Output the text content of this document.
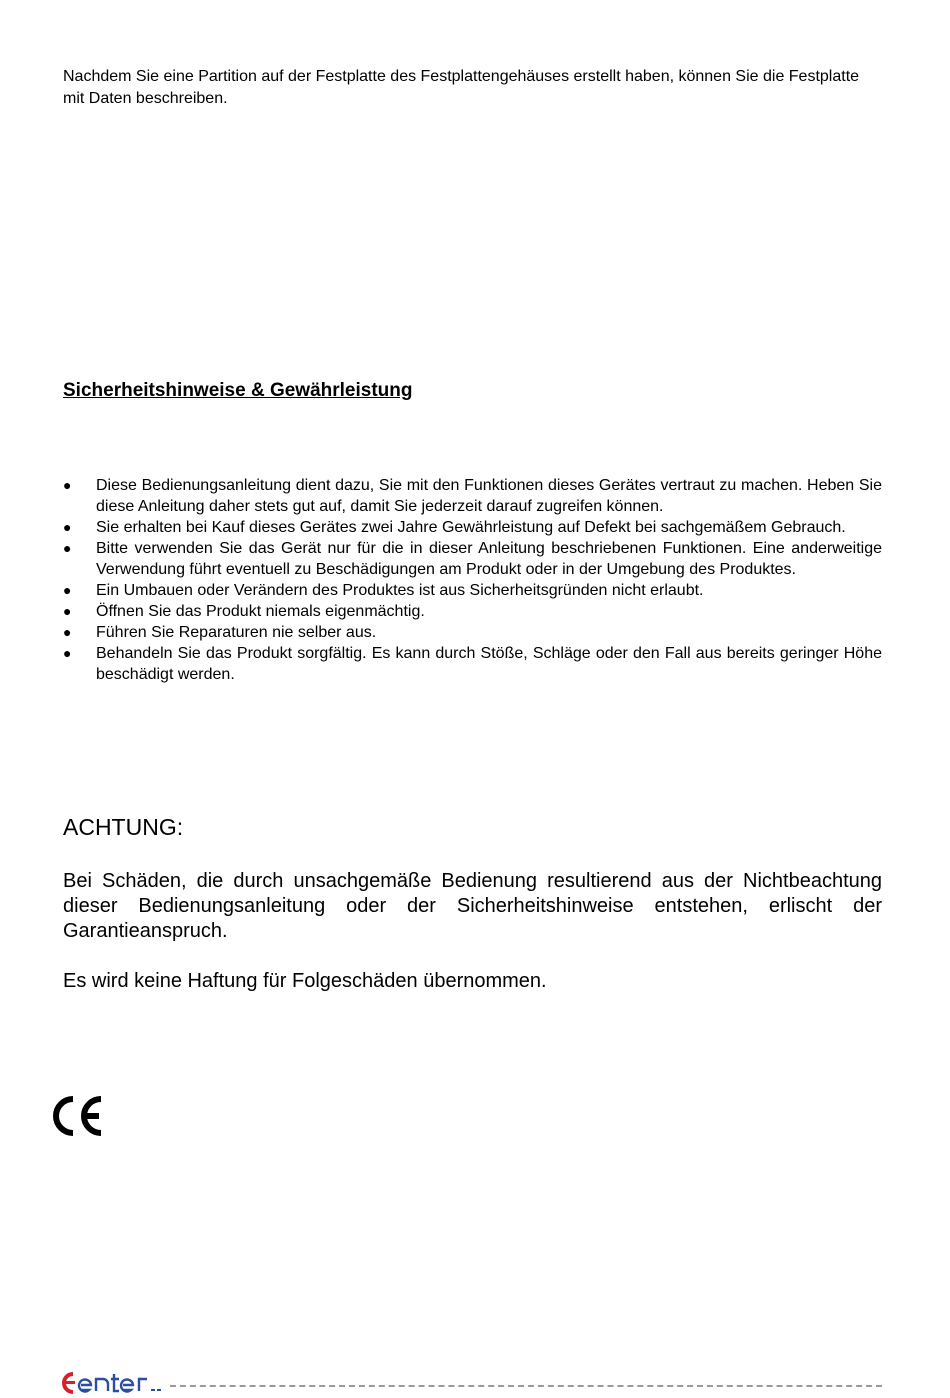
Nachdem Sie eine Partition auf der Festplatte des Festplattengehäuses erstellt haben, können Sie die Festplatte mit Daten beschreiben.

Sicherheitshinweise & Gewährleistung
● Diese Bedienungsanleitung dient dazu, Sie mit den Funktionen dieses Gerätes vertraut zu machen. Heben Sie diese Anleitung daher stets gut auf, damit Sie jederzeit darauf zugreifen können.
● Sie erhalten bei Kauf dieses Gerätes zwei Jahre Gewährleistung auf Defekt bei sachgemäßem Gebrauch.
● Bitte verwenden Sie das Gerät nur für die in dieser Anleitung beschriebenen Funktionen. Eine anderweitige Verwendung führt eventuell zu Beschädigungen am Produkt oder in der Umgebung des Produktes.
● Ein Umbauen oder Verändern des Produktes ist aus Sicherheitsgründen nicht erlaubt.
● Öffnen Sie das Produkt niemals eigenmächtig.
● Führen Sie Reparaturen nie selber aus.
● Behandeln Sie das Produkt sorgfältig. Es kann durch Stöße, Schläge oder den Fall aus bereits geringer Höhe beschädigt werden.
ACHTUNG:

Bei Schäden, die durch unsachgemäße Bedienung resultierend aus der Nichtbeachtung dieser Bedienungsanleitung oder der Sicherheitshinweise entstehen, erlischt der Garantieanspruch.

Es wird keine Haftung für Folgeschäden übernommen.
